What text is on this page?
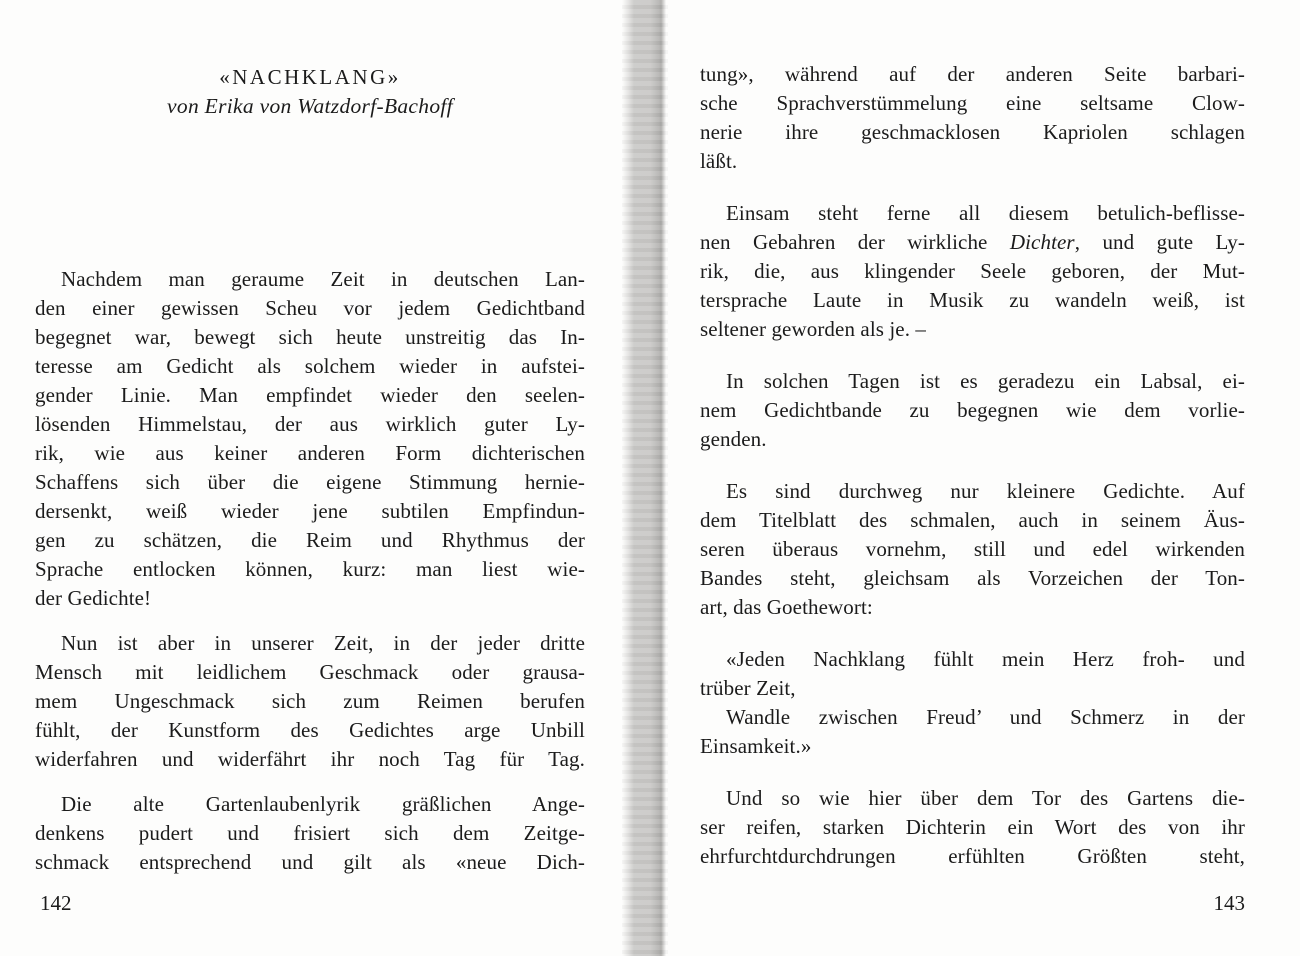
«NACHKLANG»
von Erika von Watzdorf-Bachoff
Nachdem man geraume Zeit in deutschen Lan-
den einer gewissen Scheu vor jedem Gedichtband
begegnet war, bewegt sich heute unstreitig das In-
teresse am Gedicht als solchem wieder in aufstei-
gender Linie. Man empfindet wieder den seelen-
lösenden Himmelstau, der aus wirklich guter Ly-
rik, wie aus keiner anderen Form dichterischen
Schaffens sich über die eigene Stimmung hernie-
dersenkt, weiß wieder jene subtilen Empfindun-
gen zu schätzen, die Reim und Rhythmus der
Sprache entlocken können, kurz: man liest wie-
der Gedichte!
Nun ist aber in unserer Zeit, in der jeder dritte
Mensch mit leidlichem Geschmack oder grausa-
mem Ungeschmack sich zum Reimen berufen
fühlt, der Kunstform des Gedichtes arge Unbill
widerfahren und widerfährt ihr noch Tag für Tag.
Die alte Gartenlaubenlyrik gräßlichen Ange-
denkens pudert und frisiert sich dem Zeitge-
schmack entsprechend und gilt als «neue Dich-
142
tung», während auf der anderen Seite barbari-
sche Sprachverstümmelung eine seltsame Clow-
nerie ihre geschmacklosen Kapriolen schlagen
läßt.
Einsam steht ferne all diesem betulich-beflisse-
nen Gebahren der wirkliche Dichter, und gute Ly-
rik, die, aus klingender Seele geboren, der Mut-
tersprache Laute in Musik zu wandeln weiß, ist
seltener geworden als je. –
In solchen Tagen ist es geradezu ein Labsal, ei-
nem Gedichtbande zu begegnen wie dem vorlie-
genden.
Es sind durchweg nur kleinere Gedichte. Auf
dem Titelblatt des schmalen, auch in seinem Äus-
seren überaus vornehm, still und edel wirkenden
Bandes steht, gleichsam als Vorzeichen der Ton-
art, das Goethewort:
«Jeden Nachklang fühlt mein Herz froh- und
trüber Zeit,
Wandle zwischen Freud’ und Schmerz in der
Einsamkeit.»
Und so wie hier über dem Tor des Gartens die-
ser reifen, starken Dichterin ein Wort des von ihr
ehrfurchtdurchdrungen erfühlten Größten steht,
143
